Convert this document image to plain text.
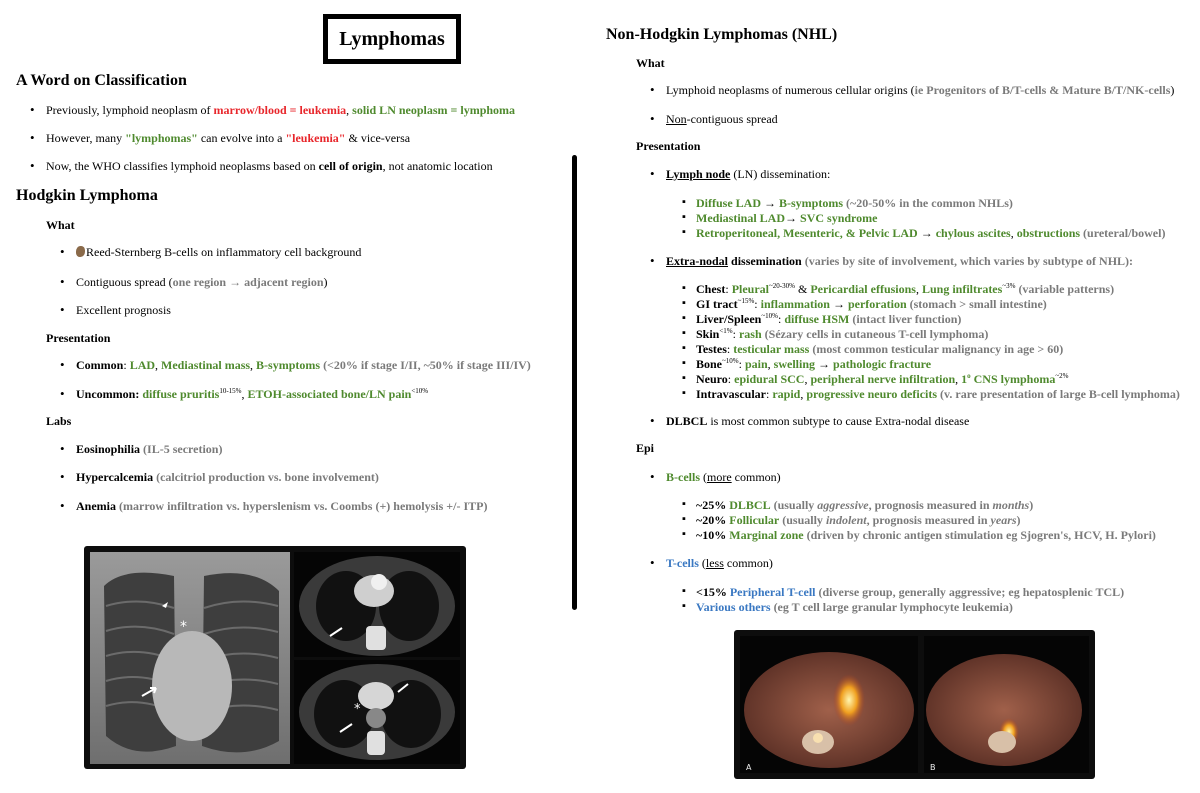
Lymphomas
A Word on Classification
• Previously, lymphoid neoplasm of marrow/blood = leukemia, solid LN neoplasm = lymphoma
• However, many "lymphomas" can evolve into a "leukemia" & vice-versa
• Now, the WHO classifies lymphoid neoplasms based on cell of origin, not anatomic location
Hodgkin Lymphoma
What
• Reed-Sternberg B-cells on inflammatory cell background
• Contiguous spread (one region → adjacent region)
• Excellent prognosis
Presentation
• Common: LAD, Mediastinal mass, B-symptoms (<20% if stage I/II, ~50% if stage III/IV)
• Uncommon: diffuse pruritis$^{10-15\%}$, ETOH-associated bone/LN pain$^{<10\%}$
Labs
• Eosinophilia (IL-5 secretion)
• Hypercalcemia (calcitriol production vs. bone involvement)
• Anemia (marrow infiltration vs. hyperslenism vs. Coombs (+) hemolysis +/- ITP)
*
*
Non-Hodgkin Lymphomas (NHL)
What
• Lymphoid neoplasms of numerous cellular origins (ie Progenitors of B/T-cells & Mature B/T/NK-cells)
• Non-contiguous spread
Presentation
• Lymph node (LN) dissemination:
▪ Diffuse LAD → B-symptoms (~20-50% in the common NHLs)
▪ Mediastinal LAD→ SVC syndrome
▪ Retroperitoneal, Mesenteric, & Pelvic LAD → chylous ascites, obstructions (ureteral/bowel)
• Extra-nodal dissemination (varies by site of involvement, which varies by subtype of NHL):
▪ Chest: Pleural$^{\sim 20-30\%}$ & Pericardial effusions, Lung infiltrates$^{\sim 3\%}$ (variable patterns)
▪ GI tract$^{\sim 15\%}$: inflammation → perforation (stomach > small intestine)
▪ Liver/Spleen$^{\sim 10\%}$: diffuse HSM (intact liver function)
▪ Skin$^{<1\%}$: rash (Sézary cells in cutaneous T-cell lymphoma)
▪ Testes: testicular mass (most common testicular malignancy in age > 60)
▪ Bone$^{\sim 10\%}$: pain, swelling → pathologic fracture
▪ Neuro: epidural SCC, peripheral nerve infiltration, 1$^o$ CNS lymphoma$^{\sim 2\%}$
▪ Intravascular: rapid, progressive neuro deficits (v. rare presentation of large B-cell lymphoma)
• DLBCL is most common subtype to cause Extra-nodal disease
Epi
• B-cells (more common)
▪ ~25% DLBCL (usually aggressive, prognosis measured in months)
▪ ~20% Follicular (usually indolent, prognosis measured in years)
▪ ~10% Marginal zone (driven by chronic antigen stimulation eg Sjogren's, HCV, H. Pylori)
• T-cells (less common)
▪ <15% Peripheral T-cell (diverse group, generally aggressive; eg hepatosplenic TCL)
▪ Various others (eg T cell large granular lymphocyte leukemia)
A	B
